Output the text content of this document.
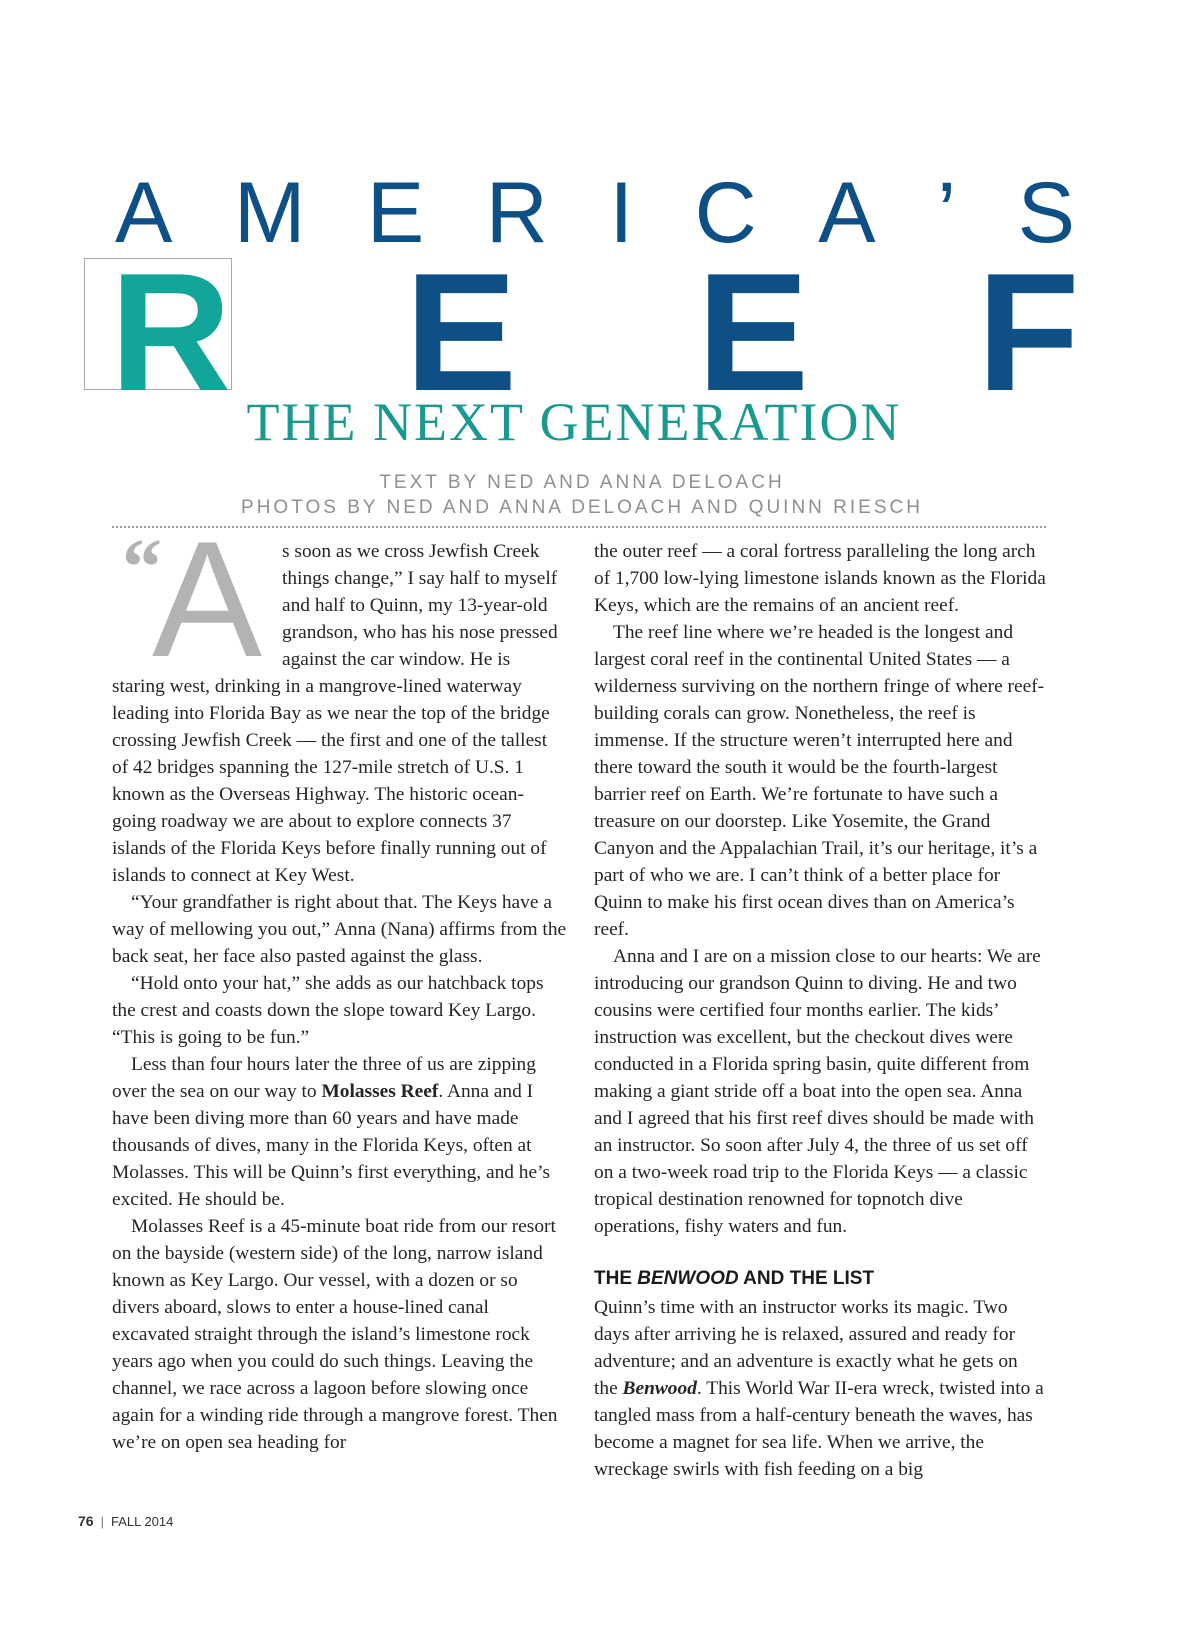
A M E R I C A ’ S
R E E F
THE NEXT GENERATION
TEXT BY NED AND ANNA DELOACH
PHOTOS BY NED AND ANNA DELOACH AND QUINN RIESCH
“
A	s soon as we cross Jewfish Creek things change,” I say half to myself and half to Quinn, my 13-year-old grandson, who has his nose pressed against the car window. He is staring west, drinking in a mangrove-lined waterway leading into Florida Bay as we near the top of the bridge crossing Jewfish Creek — the first and one of the tallest of 42 bridges spanning the 127-mile stretch of U.S. 1 known as the Overseas Highway. The historic ocean-going roadway we are about to explore connects 37 islands of the Florida Keys before finally running out of islands to connect at Key West.

“Your grandfather is right about that. The Keys have a way of mellowing you out,” Anna (Nana) affirms from the back seat, her face also pasted against the glass.

“Hold onto your hat,” she adds as our hatchback tops the crest and coasts down the slope toward Key Largo. “This is going to be fun.”

Less than four hours later the three of us are zipping over the sea on our way to Molasses Reef. Anna and I have been diving more than 60 years and have made thousands of dives, many in the Florida Keys, often at Molasses. This will be Quinn’s first everything, and he’s excited. He should be.

Molasses Reef is a 45-minute boat ride from our resort on the bayside (western side) of the long, narrow island known as Key Largo. Our vessel, with a dozen or so divers aboard, slows to enter a house-lined canal excavated straight through the island’s limestone rock years ago when you could do such things. Leaving the channel, we race across a lagoon before slowing once again for a winding ride through a mangrove forest. Then we’re on open sea heading for

the outer reef — a coral fortress paralleling the long arch of 1,700 low-lying limestone islands known as the Florida Keys, which are the remains of an ancient reef.

The reef line where we’re headed is the longest and largest coral reef in the continental United States — a wilderness surviving on the northern fringe of where reef-building corals can grow. Nonetheless, the reef is immense. If the structure weren’t interrupted here and there toward the south it would be the fourth-largest barrier reef on Earth. We’re fortunate to have such a treasure on our doorstep. Like Yosemite, the Grand Canyon and the Appalachian Trail, it’s our heritage, it’s a part of who we are. I can’t think of a better place for Quinn to make his first ocean dives than on America’s reef.

Anna and I are on a mission close to our hearts: We are introducing our grandson Quinn to diving. He and two cousins were certified four months earlier. The kids’ instruction was excellent, but the checkout dives were conducted in a Florida spring basin, quite different from making a giant stride off a boat into the open sea. Anna and I agreed that his first reef dives should be made with an instructor. So soon after July 4, the three of us set off on a two-week road trip to the Florida Keys — a classic tropical destination renowned for topnotch dive operations, fishy waters and fun.

THE BENWOOD AND THE LIST

Quinn’s time with an instructor works its magic. Two days after arriving he is relaxed, assured and ready for adventure; and an adventure is exactly what he gets on the Benwood. This World War II-era wreck, twisted into a tangled mass from a half-century beneath the waves, has become a magnet for sea life. When we arrive, the wreckage swirls with fish feeding on a big

76 | FALL 2014
